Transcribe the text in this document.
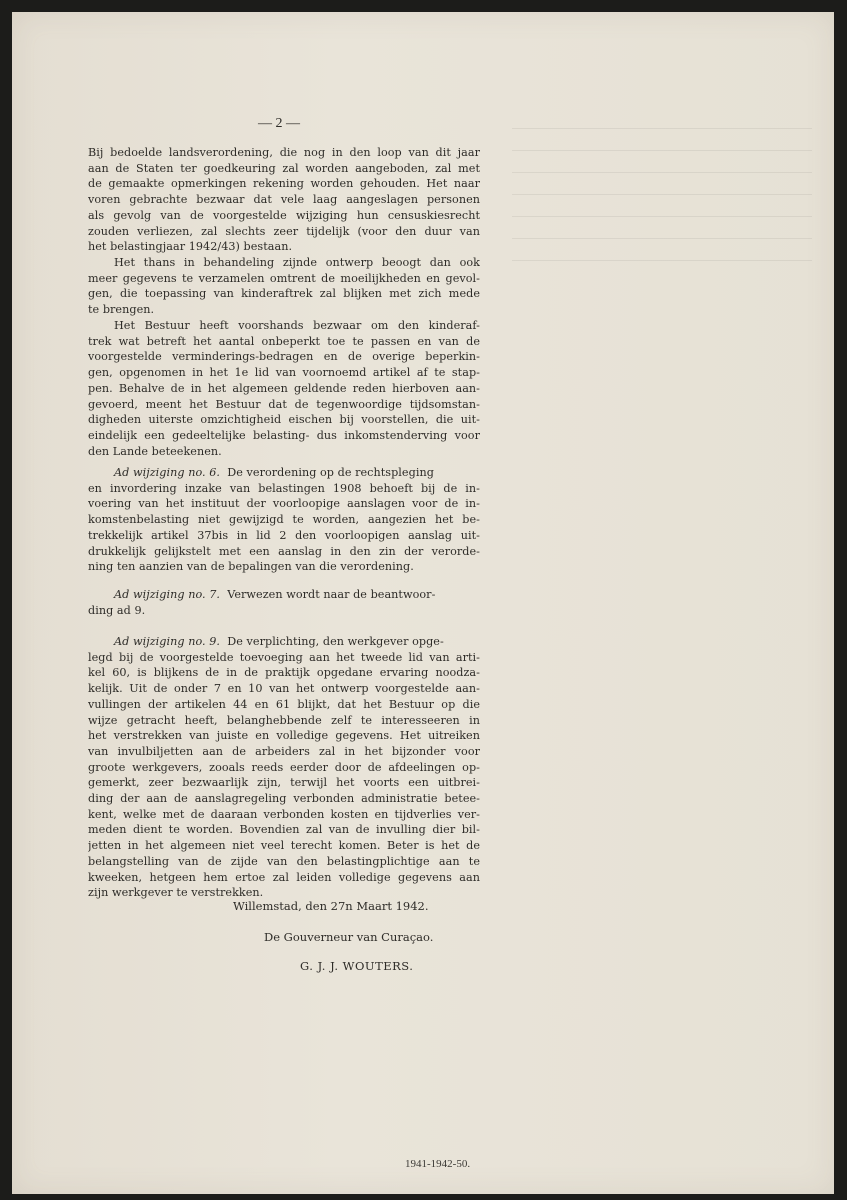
— 2 —
Bij bedoelde landsverordening, die nog in den loop van dit jaar
aan de Staten ter goedkeuring zal worden aangeboden, zal met
de gemaakte opmerkingen rekening worden gehouden. Het naar
voren gebrachte bezwaar dat vele laag aangeslagen personen
als gevolg van de voorgestelde wijziging hun censuskiesrecht
zouden verliezen, zal slechts zeer tijdelijk (voor den duur van
het belastingjaar 1942/43) bestaan.
Het thans in behandeling zijnde ontwerp beoogt dan ook
meer gegevens te verzamelen omtrent de moeilijkheden en gevol-
gen, die toepassing van kinderaftrek zal blijken met zich mede
te brengen.
Het Bestuur heeft voorshands bezwaar om den kinderaf-
trek wat betreft het aantal onbeperkt toe te passen en van de
voorgestelde verminderings-bedragen en de overige beperkin-
gen, opgenomen in het 1e lid van voornoemd artikel af te stap-
pen. Behalve de in het algemeen geldende reden hierboven aan-
gevoerd, meent het Bestuur dat de tegenwoordige tijdsomstan-
digheden uiterste omzichtigheid eischen bij voorstellen, die uit-
eindelijk een gedeeltelijke belasting- dus inkomstenderving voor
den Lande beteekenen.
Ad wijziging no. 6. De verordening op de rechtspleging
en invordering inzake van belastingen 1908 behoeft bij de in-
voering van het instituut der voorloopige aanslagen voor de in-
komstenbelasting niet gewijzigd te worden, aangezien het be-
trekkelijk artikel 37bis in lid 2 den voorloopigen aanslag uit-
drukkelijk gelijkstelt met een aanslag in den zin der verorde-
ning ten aanzien van de bepalingen van die verordening.
Ad wijziging no. 7. Verwezen wordt naar de beantwoor-
ding ad 9.
Ad wijziging no. 9. De verplichting, den werkgever opge-
legd bij de voorgestelde toevoeging aan het tweede lid van arti-
kel 60, is blijkens de in de praktijk opgedane ervaring noodza-
kelijk. Uit de onder 7 en 10 van het ontwerp voorgestelde aan-
vullingen der artikelen 44 en 61 blijkt, dat het Bestuur op die
wijze getracht heeft, belanghebbende zelf te interesseeren in
het verstrekken van juiste en volledige gegevens. Het uitreiken
van invulbiljetten aan de arbeiders zal in het bijzonder voor
groote werkgevers, zooals reeds eerder door de afdeelingen op-
gemerkt, zeer bezwaarlijk zijn, terwijl het voorts een uitbrei-
ding der aan de aanslagregeling verbonden administratie betee-
kent, welke met de daaraan verbonden kosten en tijdverlies ver-
meden dient te worden. Bovendien zal van de invulling dier bil-
jetten in het algemeen niet veel terecht komen. Beter is het de
belangstelling van de zijde van den belastingplichtige aan te
kweeken, hetgeen hem ertoe zal leiden volledige gegevens aan
zijn werkgever te verstrekken.
Willemstad, den 27n Maart 1942.
De Gouverneur van Curaçao.
G. J. J. WOUTERS.
1941-1942-50.
